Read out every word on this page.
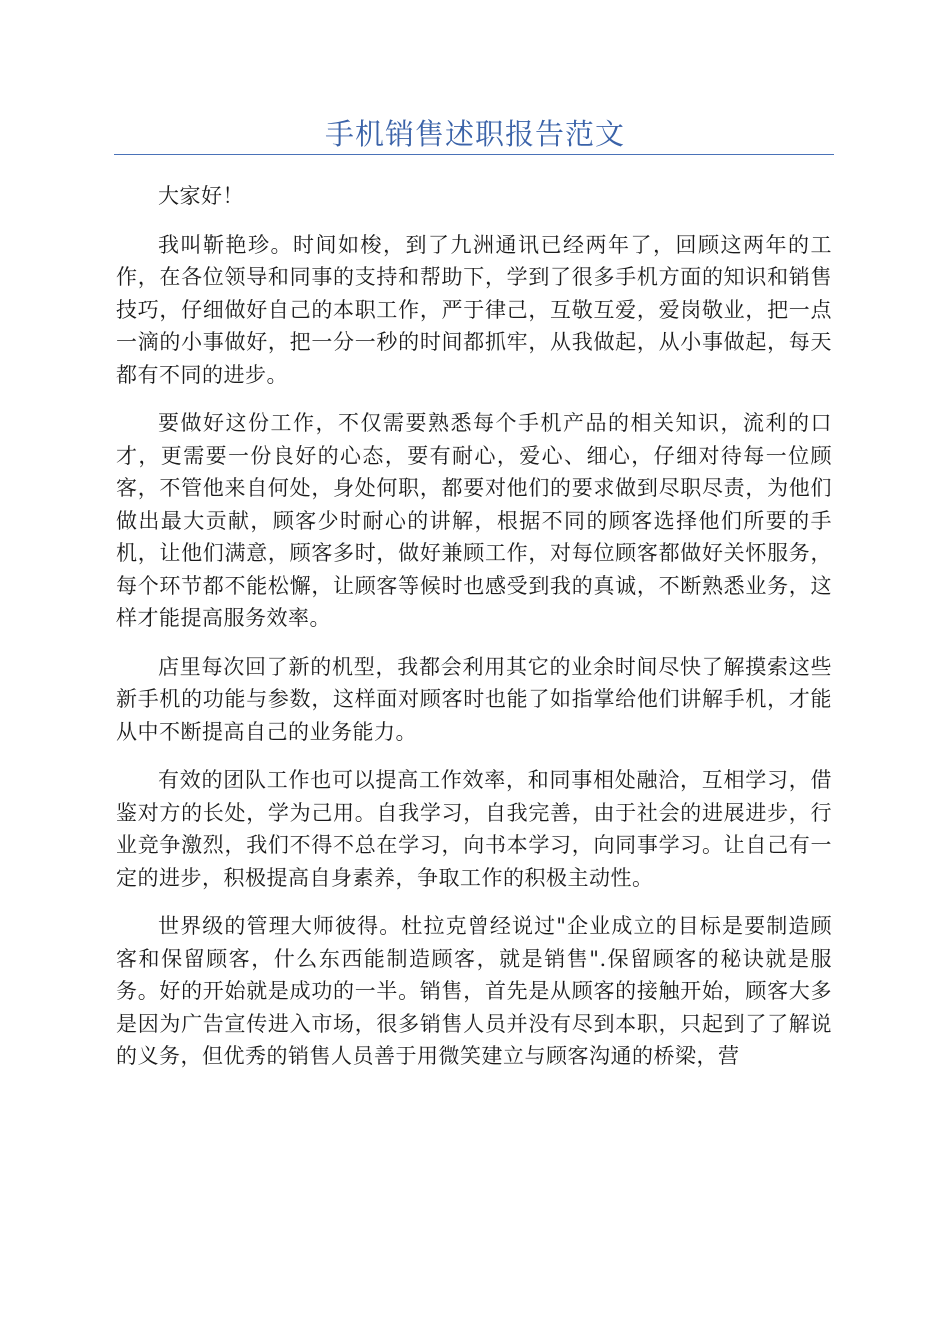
手机销售述职报告范文

大家好！

我叫靳艳珍。时间如梭，到了九洲通讯已经两年了，回顾这两年的工作，在各位领导和同事的支持和帮助下，学到了很多手机方面的知识和销售技巧，仔细做好自己的本职工作，严于律己，互敬互爱，爱岗敬业，把一点一滴的小事做好，把一分一秒的时间都抓牢，从我做起，从小事做起，每天都有不同的进步。

要做好这份工作，不仅需要熟悉每个手机产品的相关知识，流利的口才，更需要一份良好的心态，要有耐心，爱心、细心，仔细对待每一位顾客，不管他来自何处，身处何职，都要对他们的要求做到尽职尽责，为他们做出最大贡献，顾客少时耐心的讲解，根据不同的顾客选择他们所要的手机，让他们满意，顾客多时，做好兼顾工作，对每位顾客都做好关怀服务，每个环节都不能松懈，让顾客等候时也感受到我的真诚，不断熟悉业务，这样才能提高服务效率。

店里每次回了新的机型，我都会利用其它的业余时间尽快了解摸索这些新手机的功能与参数，这样面对顾客时也能了如指掌给他们讲解手机，才能从中不断提高自己的业务能力。

有效的团队工作也可以提高工作效率，和同事相处融洽，互相学习，借鉴对方的长处，学为己用。自我学习，自我完善，由于社会的进展进步，行业竞争激烈，我们不得不总在学习，向书本学习，向同事学习。让自己有一定的进步，积极提高自身素养，争取工作的积极主动性。

世界级的管理大师彼得。杜拉克曾经说过"企业成立的目标是要制造顾客和保留顾客，什么东西能制造顾客，就是销售".保留顾客的秘诀就是服务。好的开始就是成功的一半。销售，首先是从顾客的接触开始，顾客大多是因为广告宣传进入市场，很多销售人员并没有尽到本职，只起到了了解说的义务，但优秀的销售人员善于用微笑建立与顾客沟通的桥梁，营
